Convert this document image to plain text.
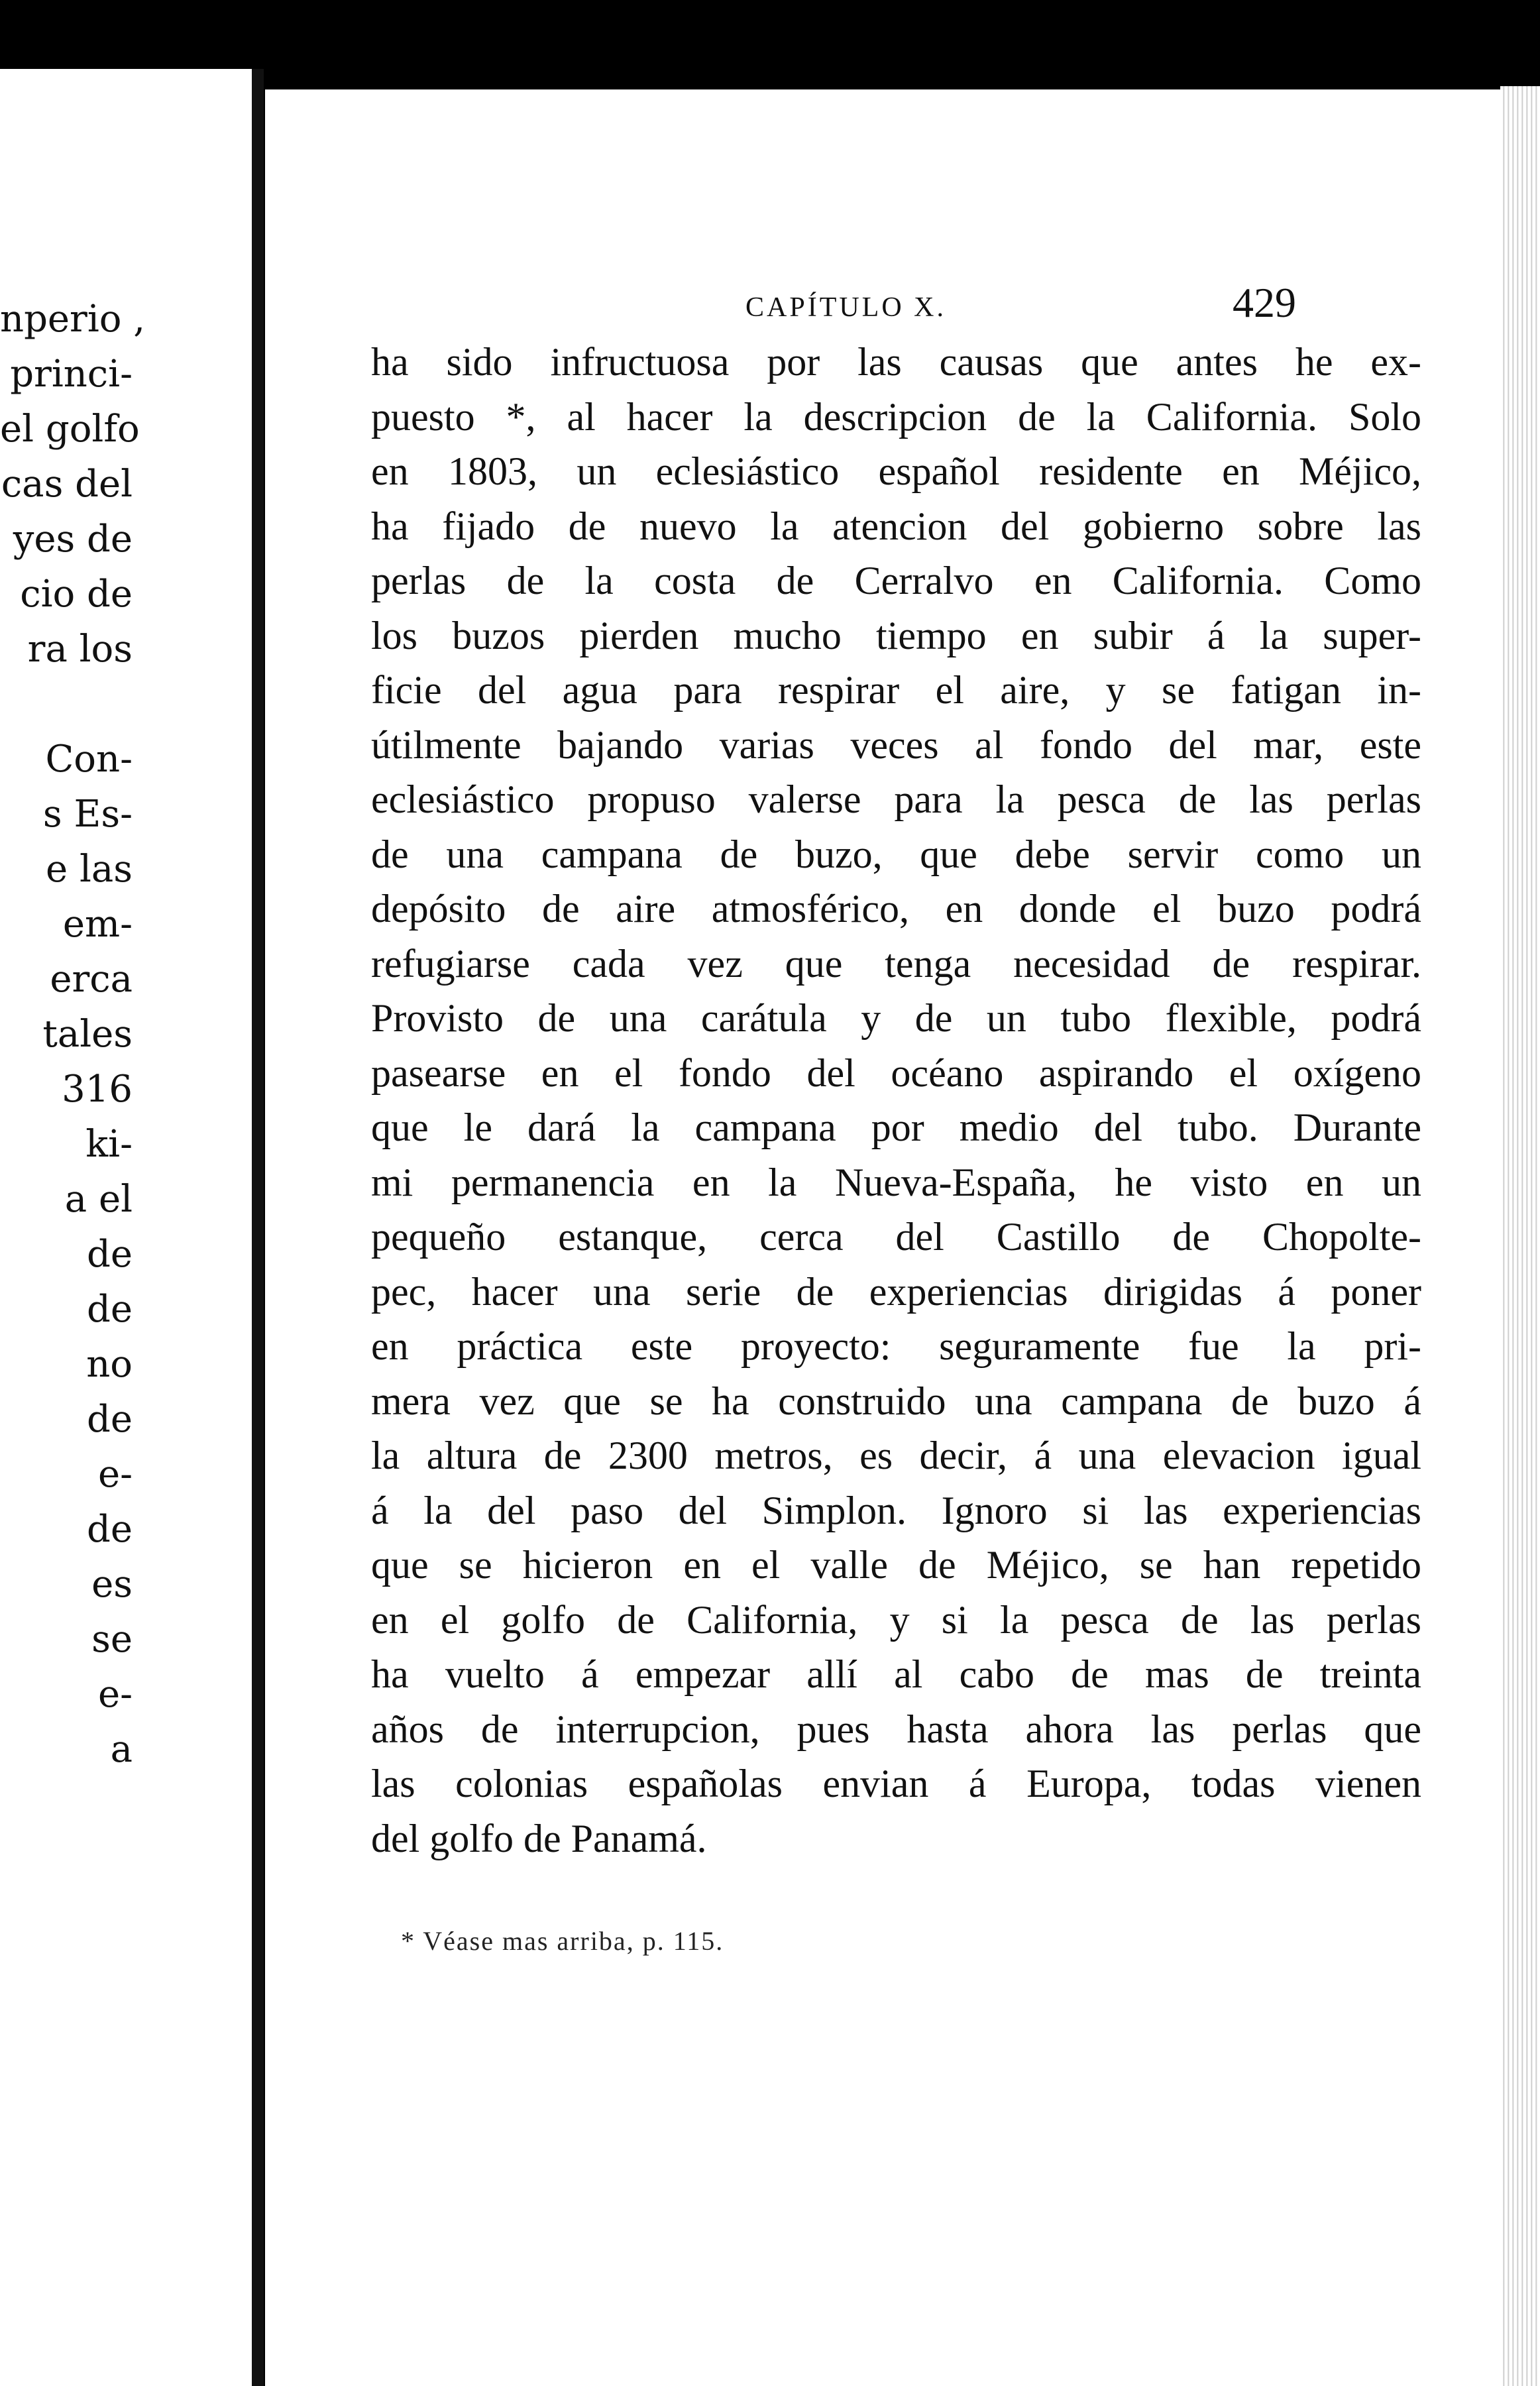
nperio ,
princi-
el golfo
cas del
yes de
cio de
ra los
Con-
s Es-
e las
em-
erca
tales
316
ki-
a el
de
de
no
de
e-
de
es
se
e-
a
CAPÍTULO X.	429
ha sido infructuosa por las causas que antes he ex-
puesto *, al hacer la descripcion de la California. Solo
en 1803, un eclesiástico español residente en Méjico,
ha fijado de nuevo la atencion del gobierno sobre las
perlas de la costa de Cerralvo en California. Como
los buzos pierden mucho tiempo en subir á la super-
ficie del agua para respirar el aire, y se fatigan in-
útilmente bajando varias veces al fondo del mar, este
eclesiástico propuso valerse para la pesca de las perlas
de una campana de buzo, que debe servir como un
depósito de aire atmosférico, en donde el buzo podrá
refugiarse cada vez que tenga necesidad de respirar.
Provisto de una carátula y de un tubo flexible, podrá
pasearse en el fondo del océano aspirando el oxígeno
que le dará la campana por medio del tubo. Durante
mi permanencia en la Nueva-España, he visto en un
pequeño estanque, cerca del Castillo de Chopolte-
pec, hacer una serie de experiencias dirigidas á poner
en práctica este proyecto: seguramente fue la pri-
mera vez que se ha construido una campana de buzo á
la altura de 2300 metros, es decir, á una elevacion igual
á la del paso del Simplon. Ignoro si las experiencias
que se hicieron en el valle de Méjico, se han repetido
en el golfo de California, y si la pesca de las perlas
ha vuelto á empezar allí al cabo de mas de treinta
años de interrupcion, pues hasta ahora las perlas que
las colonias españolas envian á Europa, todas vienen
del golfo de Panamá.
* Véase mas arriba, p. 115.
